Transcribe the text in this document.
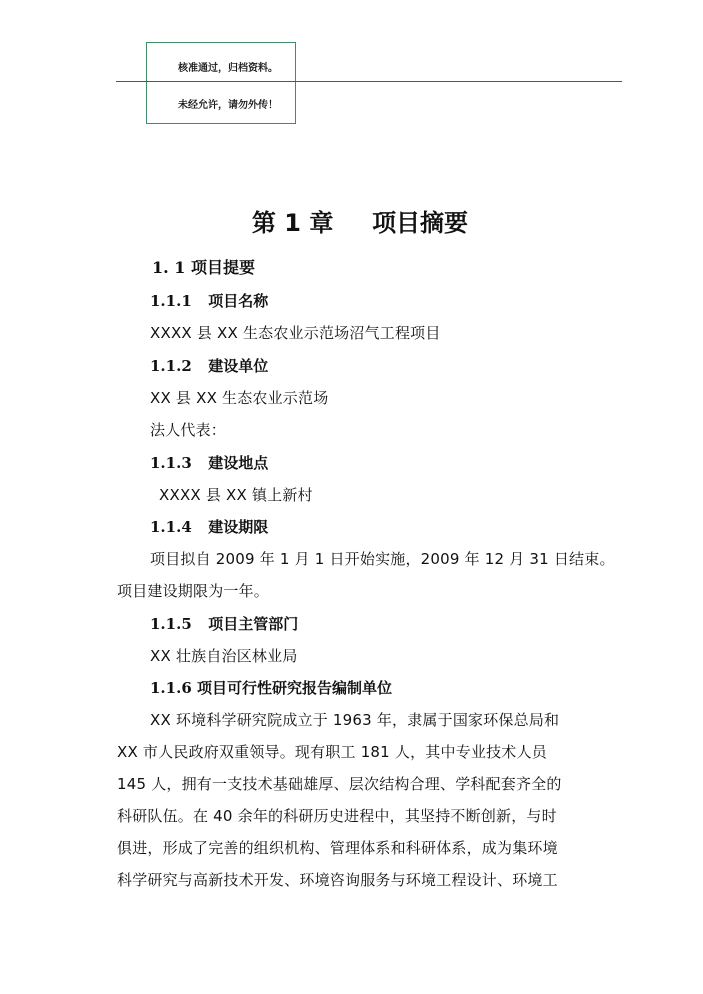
核准通过，归档资料。
未经允许，请勿外传！
第 1 章 项目摘要
1. 1 项目提要
1.1.1 项目名称
XXXX 县 XX 生态农业示范场沼气工程项目
1.1.2 建设单位
XX 县 XX 生态农业示范场
法人代表：
1.1.3 建设地点
XXXX 县 XX 镇上新村
1.1.4 建设期限
项目拟自 2009 年 1 月 1 日开始实施，2009 年 12 月 31 日结束。
项目建设期限为一年。
1.1.5 项目主管部门
XX 壮族自治区林业局
1.1.6 项目可行性研究报告编制单位
XX 环境科学研究院成立于 1963 年，隶属于国家环保总局和
XX 市人民政府双重领导。现有职工 181 人，其中专业技术人员
145 人，拥有一支技术基础雄厚、层次结构合理、学科配套齐全的
科研队伍。在 40 余年的科研历史进程中，其坚持不断创新，与时
俱进，形成了完善的组织机构、管理体系和科研体系，成为集环境
科学研究与高新技术开发、环境咨询服务与环境工程设计、环境工
